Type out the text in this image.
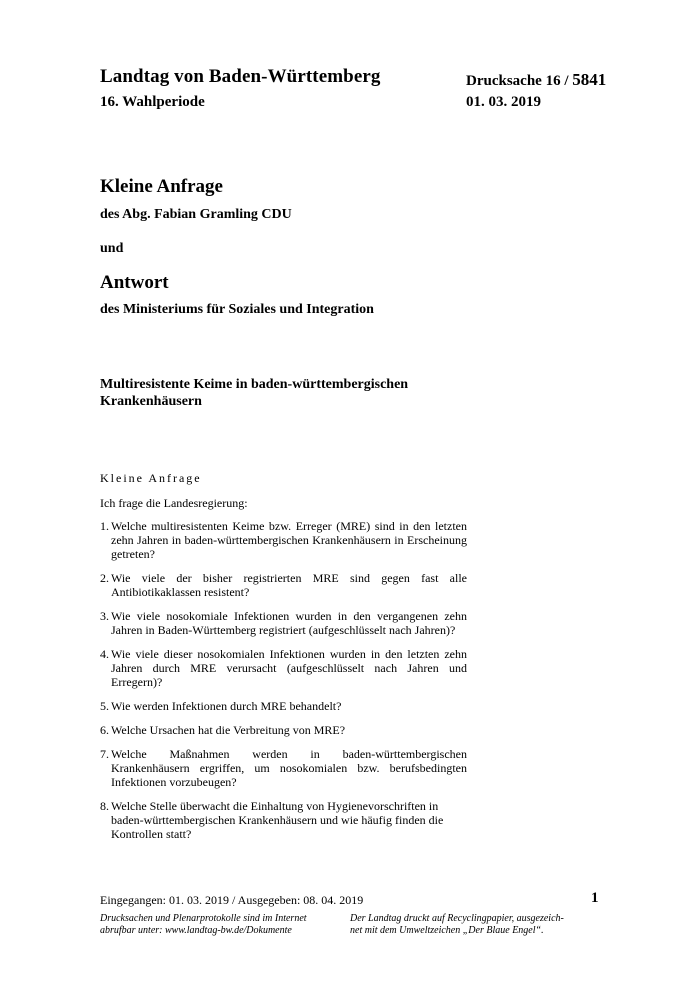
Landtag von Baden-Württemberg	Drucksache 16 / 5841
16. Wahlperiode	01. 03. 2019
Kleine Anfrage
des Abg. Fabian Gramling CDU
und
Antwort
des Ministeriums für Soziales und Integration
Multiresistente Keime in baden-württembergischen
Krankenhäusern
Kleine Anfrage
Ich frage die Landesregierung:
1. Welche multiresistenten Keime bzw. Erreger (MRE) sind in den letzten zehn Jahren in baden-württembergischen Krankenhäusern in Erscheinung getreten?
2. Wie viele der bisher registrierten MRE sind gegen fast alle Antibiotikaklassen resistent?
3. Wie viele nosokomiale Infektionen wurden in den vergangenen zehn Jahren in Baden-Württemberg registriert (aufgeschlüsselt nach Jahren)?
4. Wie viele dieser nosokomialen Infektionen wurden in den letzten zehn Jahren durch MRE verursacht (aufgeschlüsselt nach Jahren und Erregern)?
5. Wie werden Infektionen durch MRE behandelt?
6. Welche Ursachen hat die Verbreitung von MRE?
7. Welche Maßnahmen werden in baden-württembergischen Krankenhäusern ergriffen, um nosokomialen bzw. berufsbedingten Infektionen vorzubeugen?
8. Welche Stelle überwacht die Einhaltung von Hygienevorschriften in baden-württembergischen Krankenhäusern und wie häufig finden die Kontrollen statt?
Eingegangen: 01. 03. 2019 / Ausgegeben: 08. 04. 2019	1
Drucksachen und Plenarprotokolle sind im Internet
abrufbar unter: www.landtag-bw.de/Dokumente
Der Landtag druckt auf Recyclingpapier, ausgezeich-
net mit dem Umweltzeichen „Der Blaue Engel“.
